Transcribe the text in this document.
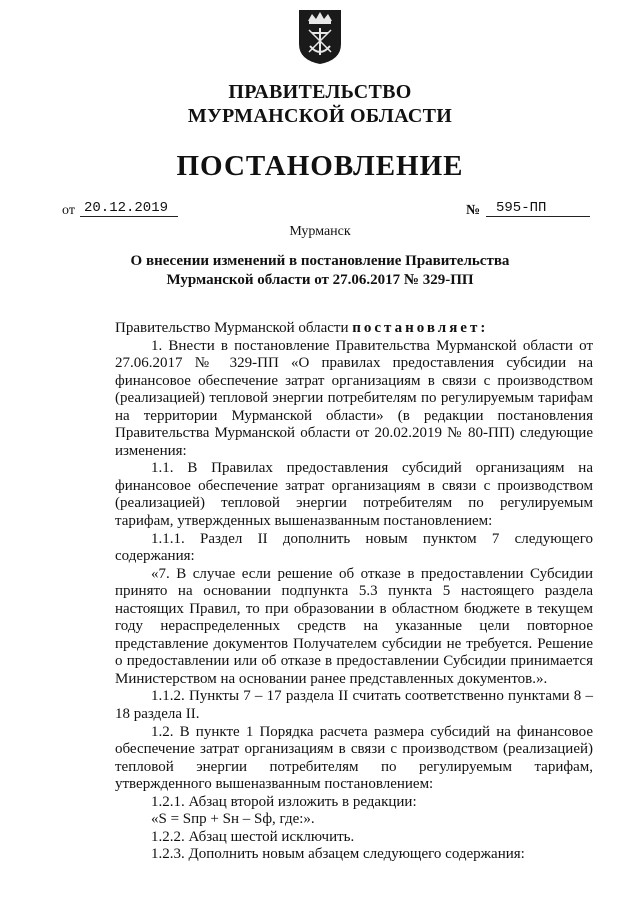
ПРАВИТЕЛЬСТВО
МУРМАНСКОЙ ОБЛАСТИ
ПОСТАНОВЛЕНИЕ
от 20.12.2019	№	595-ПП
Мурманск
О внесении изменений в постановление Правительства
Мурманской области от 27.06.2017 № 329-ПП

Правительство Мурманской области постановляет:

1. Внести в постановление Правительства Мурманской области от 27.06.2017 № 329-ПП «О правилах предоставления субсидии на финансовое обеспечение затрат организациям в связи с производством (реализацией) тепловой энергии потребителям по регулируемым тарифам на территории Мурманской области» (в редакции постановления Правительства Мурманской области от 20.02.2019 № 80-ПП) следующие изменения:

1.1. В Правилах предоставления субсидий организациям на финансовое обеспечение затрат организациям в связи с производством (реализацией) тепловой энергии потребителям по регулируемым тарифам, утвержденных вышеназванным постановлением:

1.1.1. Раздел II дополнить новым пунктом 7 следующего содержания:

«7. В случае если решение об отказе в предоставлении Субсидии принято на основании подпункта 5.3 пункта 5 настоящего раздела настоящих Правил, то при образовании в областном бюджете в текущем году нераспределенных средств на указанные цели повторное представление документов Получателем субсидии не требуется. Решение о предоставлении или об отказе в предоставлении Субсидии принимается Министерством на основании ранее представленных документов.».

1.1.2. Пункты 7 – 17 раздела II считать соответственно пунктами 8 – 18 раздела II.

1.2. В пункте 1 Порядка расчета размера субсидий на финансовое обеспечение затрат организациям в связи с производством (реализацией) тепловой энергии потребителям по регулируемым тарифам, утвержденного вышеназванным постановлением:

1.2.1. Абзац второй изложить в редакции:

«S = Sпр + Sн – Sф, где:».

1.2.2. Абзац шестой исключить.

1.2.3. Дополнить новым абзацем следующего содержания:
